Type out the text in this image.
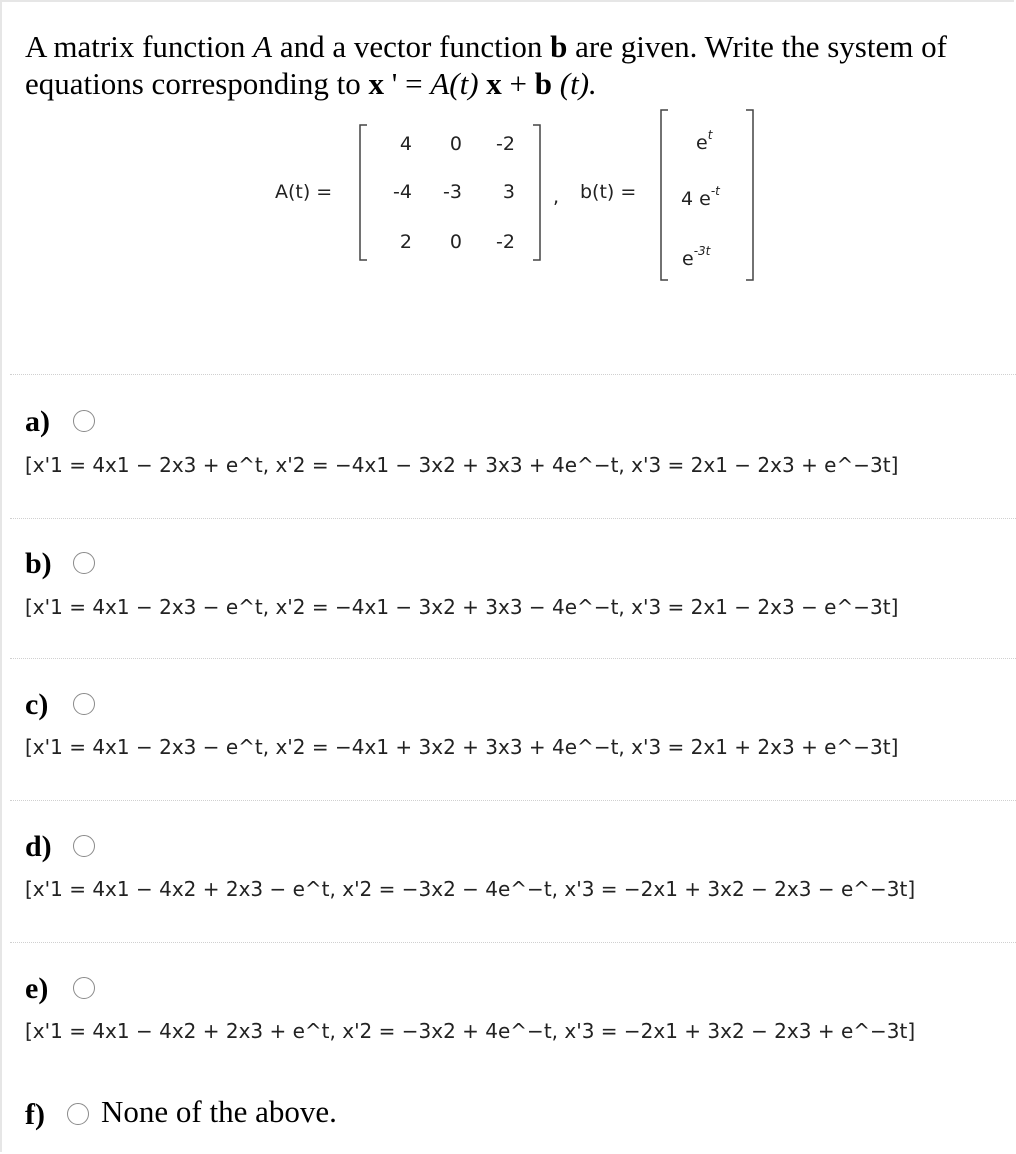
A matrix function A and a vector function b are given. Write the system of
equations corresponding to x ' = A(t) x + b (t).
A(t) =
4	0	-2
-4	-3	3
2	0	-2
, b(t) =
$e^t$
4 $e^{-t}$
$e^{-3t}$
a)
[x'1 = 4x1 − 2x3 + e^t, x'2 = −4x1 − 3x2 + 3x3 + 4e^−t, x'3 = 2x1 − 2x3 + e^−3t]
b)
[x'1 = 4x1 − 2x3 − e^t, x'2 = −4x1 − 3x2 + 3x3 − 4e^−t, x'3 = 2x1 − 2x3 − e^−3t]
c)
[x'1 = 4x1 − 2x3 − e^t, x'2 = −4x1 + 3x2 + 3x3 + 4e^−t, x'3 = 2x1 + 2x3 + e^−3t]
d)
[x'1 = 4x1 − 4x2 + 2x3 − e^t, x'2 = −3x2 − 4e^−t, x'3 = −2x1 + 3x2 − 2x3 − e^−3t]
e)
[x'1 = 4x1 − 4x2 + 2x3 + e^t, x'2 = −3x2 + 4e^−t, x'3 = −2x1 + 3x2 − 2x3 + e^−3t]
f) None of the above.
